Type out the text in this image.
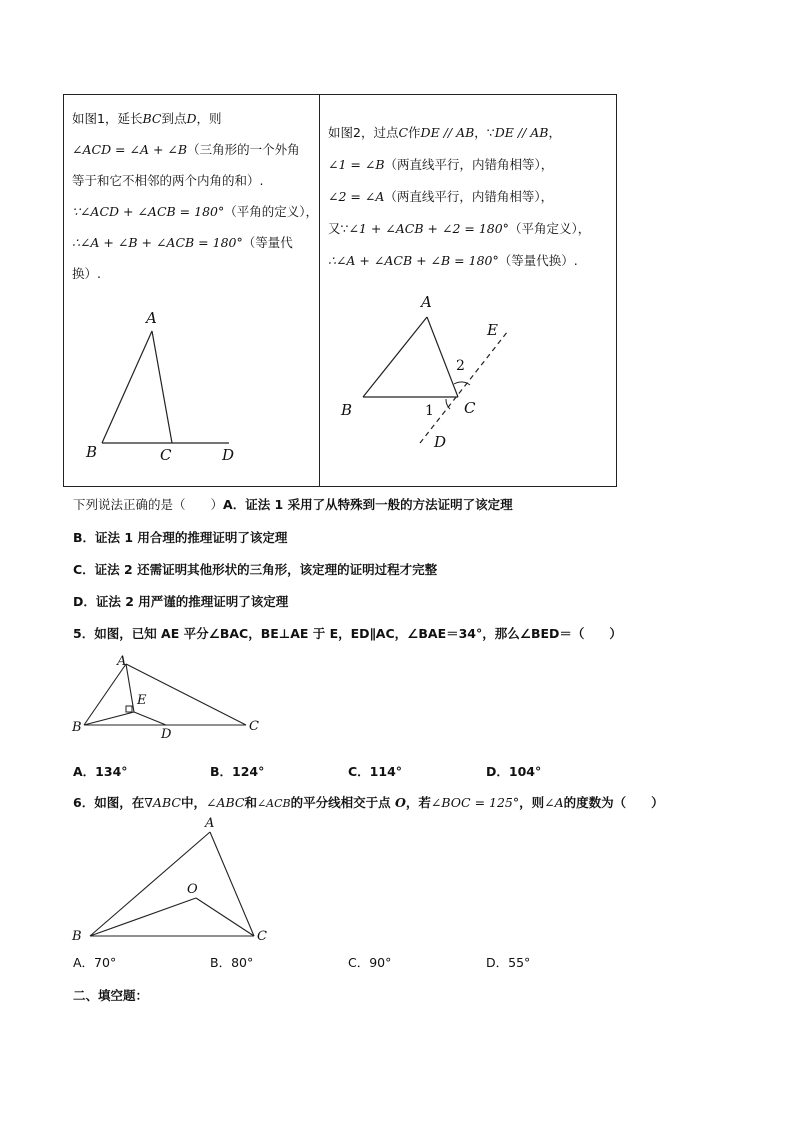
如图1，延长BC到点D，则
∠ACD = ∠A + ∠B（三角形的一个外角
等于和它不相邻的两个内角的和）.
∵∠ACD + ∠ACB = 180°（平角的定义），
∴∠A + ∠B + ∠ACB = 180°（等量代
换）.
A
B	C	D
如图2，过点C作DE // AB，∵DE // AB，
∠1 = ∠B（两直线平行，内错角相等），
∠2 = ∠A（两直线平行，内错角相等），
又∵∠1 + ∠ACB + ∠2 = 180°（平角定义），
∴∠A + ∠ACB + ∠B = 180°（等量代换）.
A
B	C
D
E
1
2
下列说法正确的是（　　）A．证法 1 采用了从特殊到一般的方法证明了该定理
B．证法 1 用合理的推理证明了该定理
C．证法 2 还需证明其他形状的三角形，该定理的证明过程才完整
D．证法 2 用严谨的推理证明了该定理
5．如图，已知 AE 平分∠BAC，BE⊥AE 于 E，ED∥AC，∠BAE＝34°，那么∠BED＝（　　）
A
B	C
D
E
A．134°	B．124°	C．114°	D．104°
6．如图，在∇ABC中，∠ABC和∠ACB的平分线相交于点 O，若∠BOC = 125°，则∠A的度数为（　　）
A
B	C
O
A．70°	B．80°	C．90°	D．55°
二、填空题：
